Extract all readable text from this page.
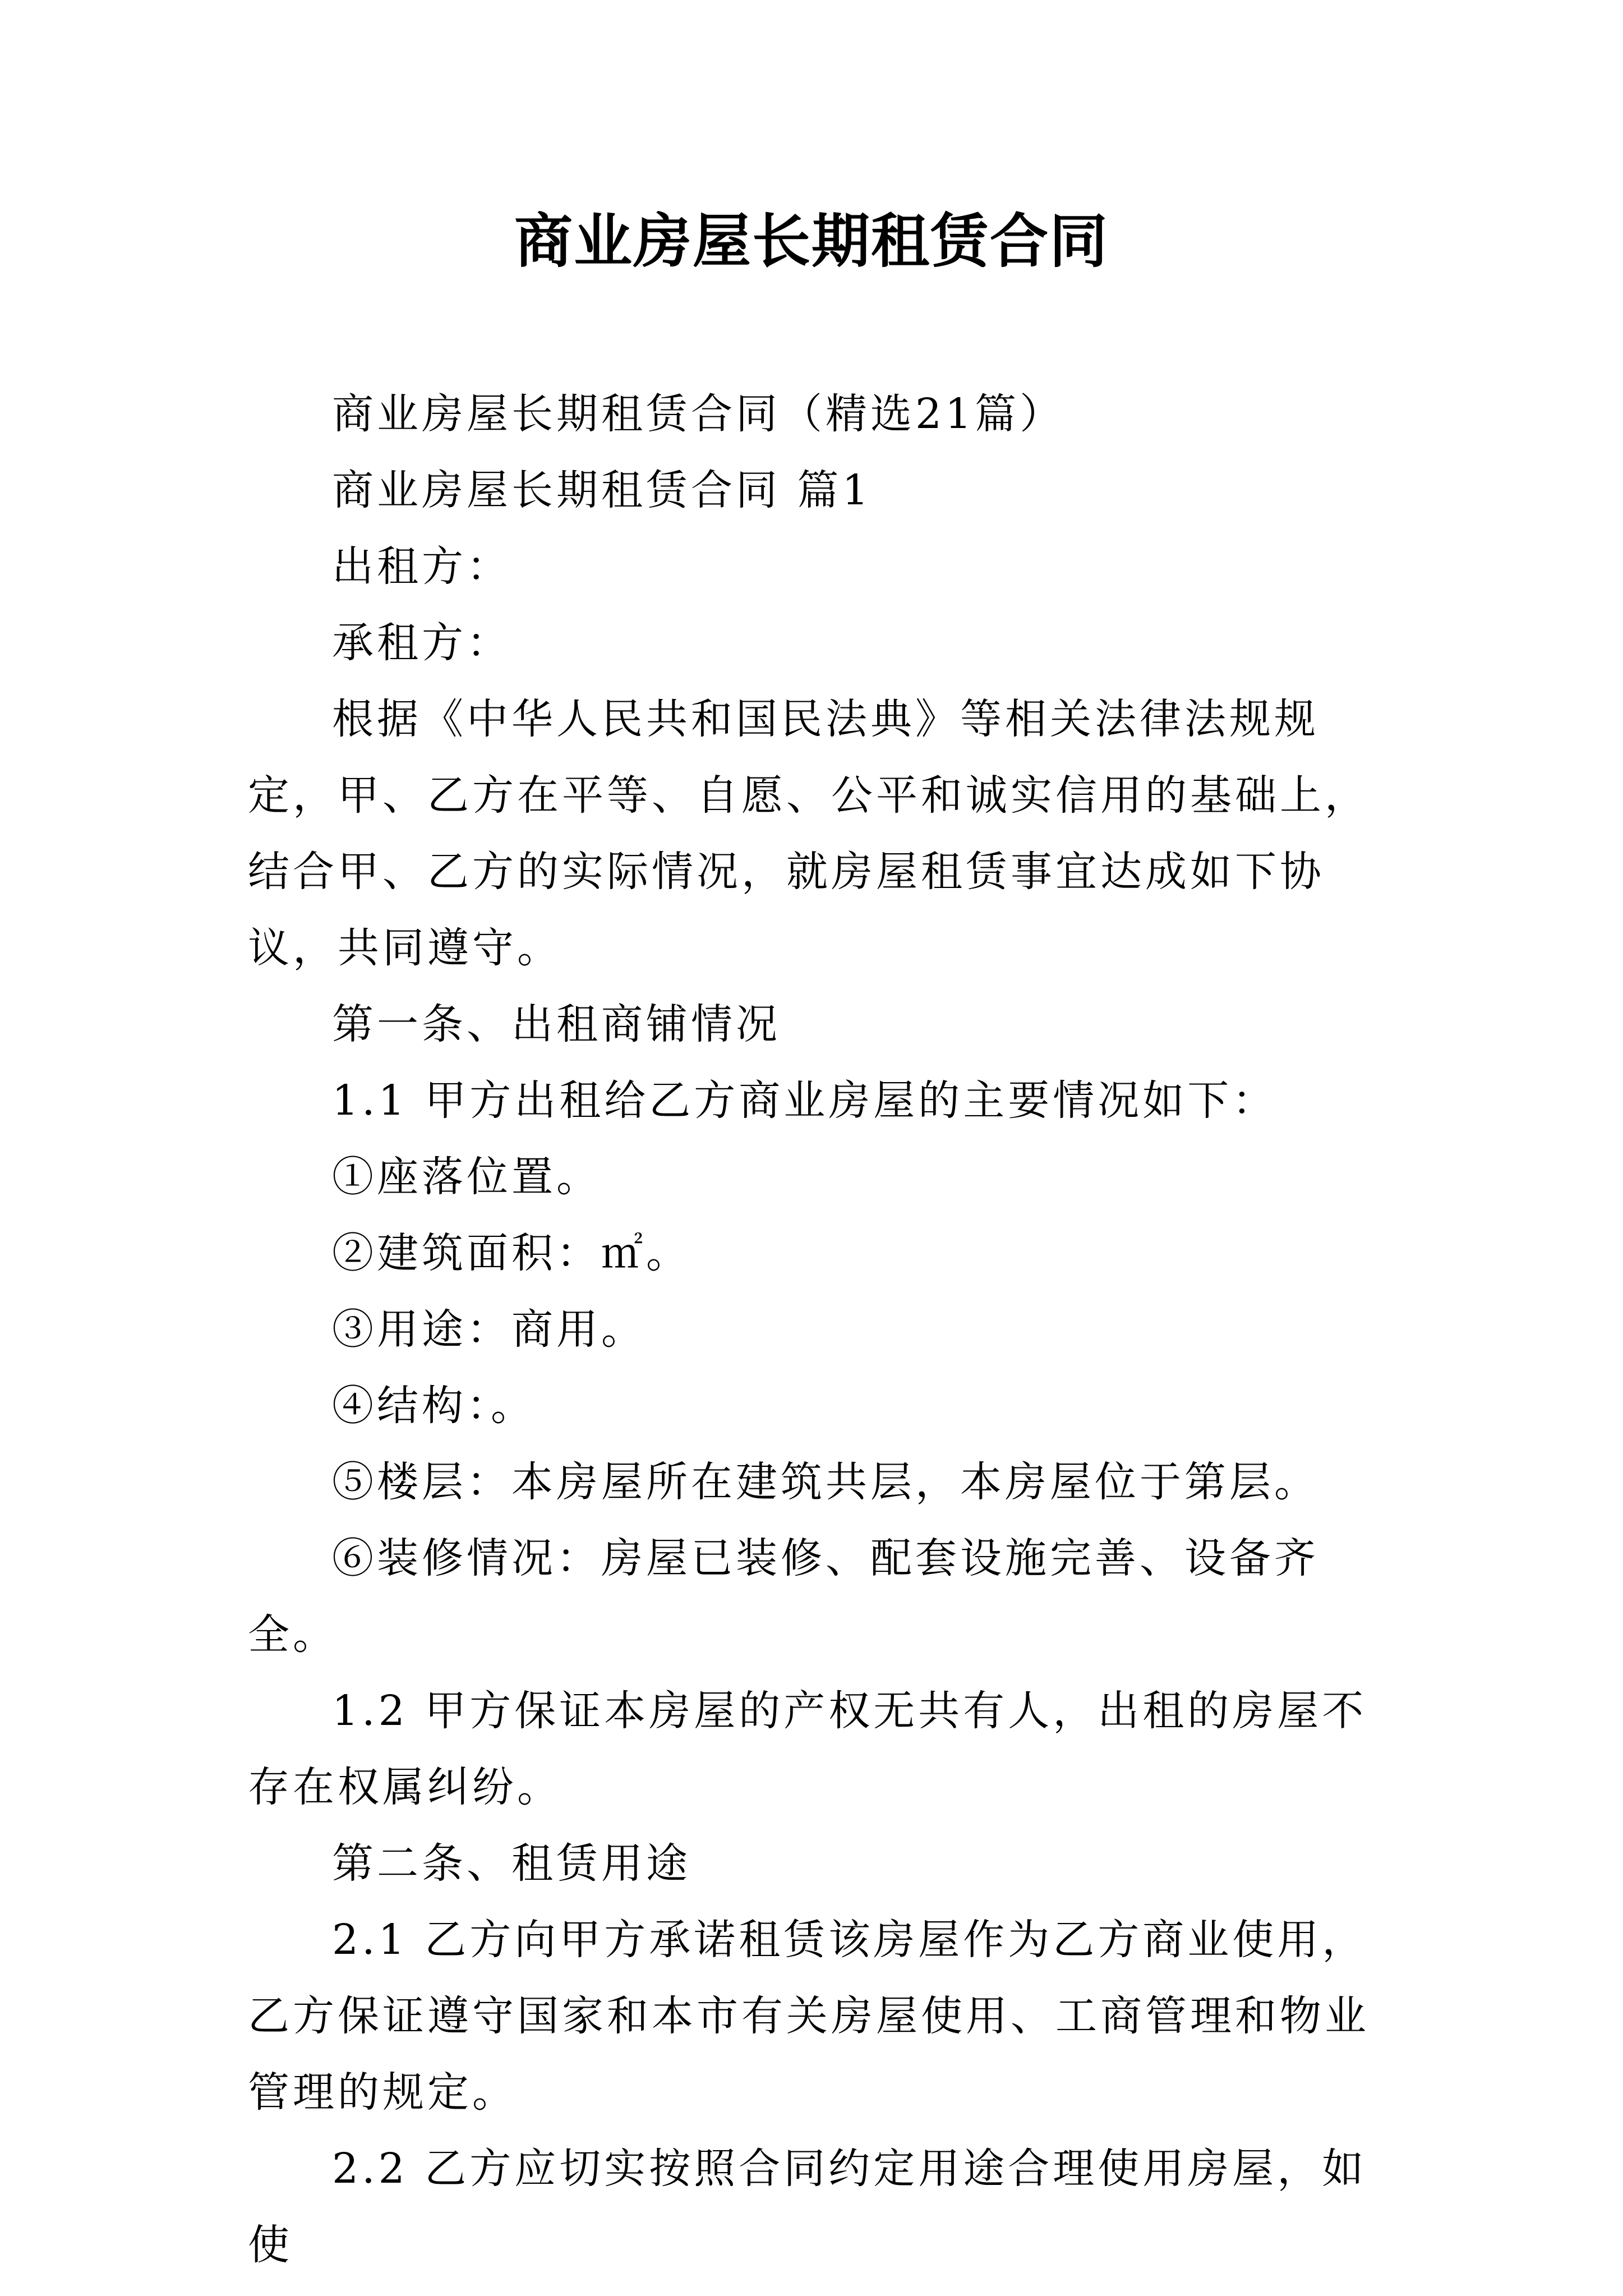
商业房屋长期租赁合同

商业房屋长期租赁合同（精选21篇）

商业房屋长期租赁合同 篇1

出租方：

承租方：

根据《中华人民共和国民法典》等相关法律法规规定，甲、乙方在平等、自愿、公平和诚实信用的基础上，结合甲、乙方的实际情况，就房屋租赁事宜达成如下协议，共同遵守。

第一条、出租商铺情况

1.1 甲方出租给乙方商业房屋的主要情况如下：

①座落位置。

②建筑面积：㎡。

③用途：商用。

④结构：。

⑤楼层：本房屋所在建筑共层，本房屋位于第层。

⑥装修情况：房屋已装修、配套设施完善、设备齐全。

1.2 甲方保证本房屋的产权无共有人，出租的房屋不存在权属纠纷。

第二条、租赁用途

2.1 乙方向甲方承诺租赁该房屋作为乙方商业使用，乙方保证遵守国家和本市有关房屋使用、工商管理和物业管理的规定。

2.2 乙方应切实按照合同约定用途合理使用房屋，如使
